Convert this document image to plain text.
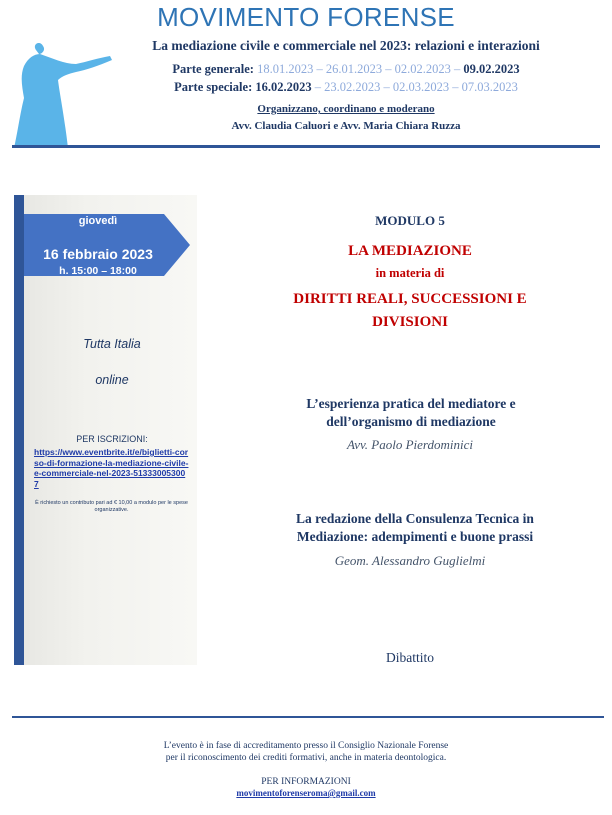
MOVIMENTO FORENSE
La mediazione civile e commerciale nel 2023: relazioni e interazioni
Parte generale: 18.01.2023 – 26.01.2023 – 02.02.2023 – 09.02.2023
Parte speciale: 16.02.2023 – 23.02.2023 – 02.03.2023 – 07.03.2023
Organizzano, coordinano e moderano
Avv. Claudia Caluori e Avv. Maria Chiara Ruzza
giovedì
16 febbraio 2023
h. 15:00 – 18:00
Tutta Italia
online
PER ISCRIZIONI:
https://www.eventbrite.it/e/biglietti-corso-di-formazione-la-mediazione-civile-e-commerciale-nel-2023-513330053007
È richiesto un contributo pari ad € 10,00 a modulo per le spese organizzative.
MODULO 5
LA MEDIAZIONE
in materia di
DIRITTI REALI, SUCCESSIONI E DIVISIONI
L’esperienza pratica del mediatore e dell’organismo di mediazione
Avv. Paolo Pierdominici
La redazione della Consulenza Tecnica in Mediazione: adempimenti e buone prassi
Geom. Alessandro Guglielmi
Dibattito
L’evento è in fase di accreditamento presso il Consiglio Nazionale Forense
per il riconoscimento dei crediti formativi, anche in materia deontologica.
PER INFORMAZIONI
movimentoforenseroma@gmail.com
